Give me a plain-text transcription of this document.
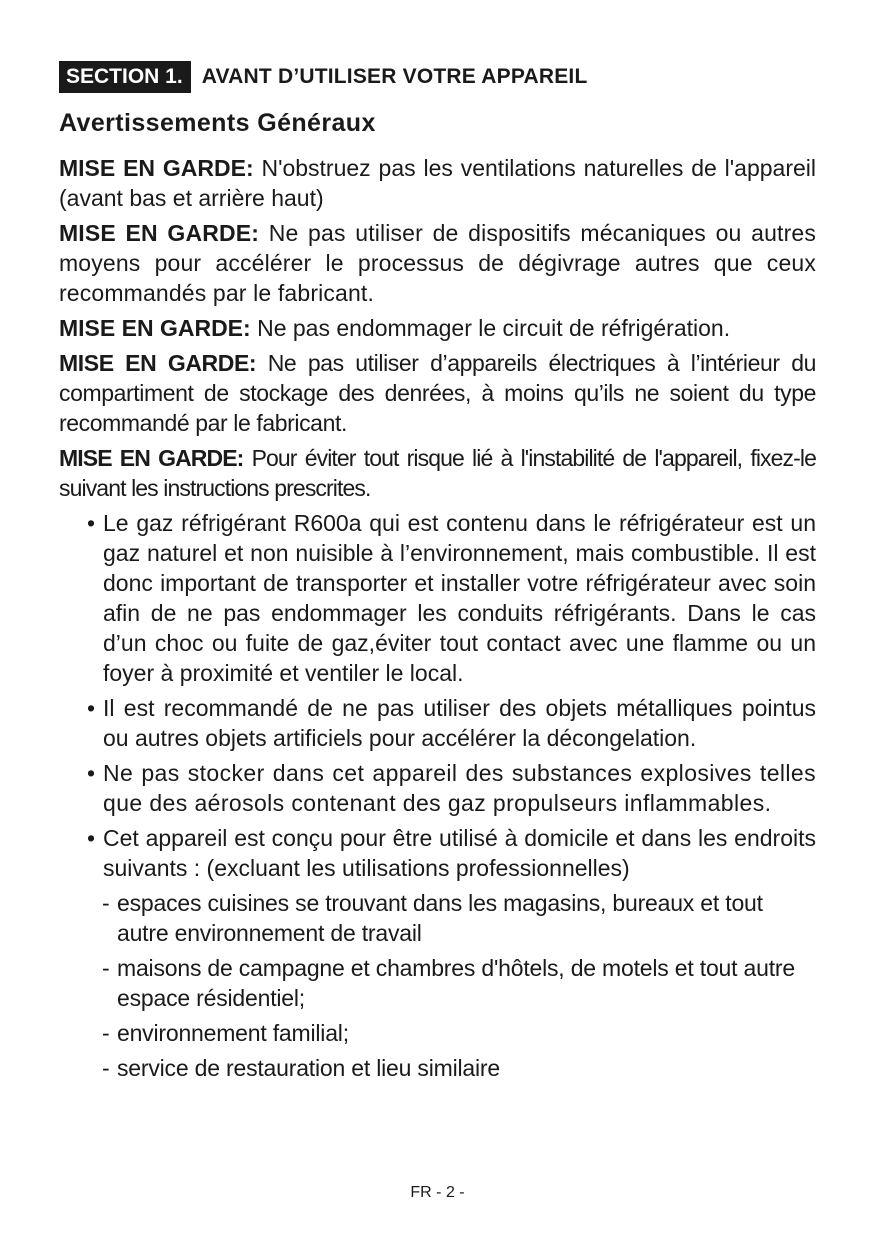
SECTION 1. AVANT D’UTILISER VOTRE APPAREIL
Avertissements Généraux
MISE EN GARDE: N'obstruez pas les ventilations naturelles de l'appareil (avant bas et arrière haut)
MISE EN GARDE: Ne pas utiliser de dispositifs mécaniques ou autres moyens pour accélérer le processus de dégivrage autres que ceux recommandés par le fabricant.
MISE EN GARDE: Ne pas endommager le circuit de réfrigération.
MISE EN GARDE: Ne pas utiliser d’appareils électriques à l’intérieur du compartiment de stockage des denrées, à moins qu’ils ne soient du type recommandé par le fabricant.
MISE EN GARDE: Pour éviter tout risque lié à l'instabilité de l'appareil, fixez-le suivant les instructions prescrites.
• Le gaz réfrigérant R600a qui est contenu dans le réfrigérateur est un gaz naturel et non nuisible à l’environnement, mais combustible. Il est donc important de transporter et installer votre réfrigérateur avec soin afin de ne pas endommager les conduits réfrigérants. Dans le cas d’un choc ou fuite de gaz,éviter tout contact avec une flamme ou un foyer à proximité et ventiler le local.
• Il est recommandé de ne pas utiliser des objets métalliques pointus ou autres objets artificiels pour accélérer la décongelation.
• Ne pas stocker dans cet appareil des substances explosives telles que des aérosols contenant des gaz propulseurs inflammables.
• Cet appareil est conçu pour être utilisé à domicile et dans les endroits suivants : (excluant les utilisations professionnelles)
- espaces cuisines se trouvant dans les magasins, bureaux et tout autre environnement de travail
- maisons de campagne et chambres d'hôtels, de motels et tout autre espace résidentiel;
- environnement familial;
- service de restauration et lieu similaire
FR - 2 -
